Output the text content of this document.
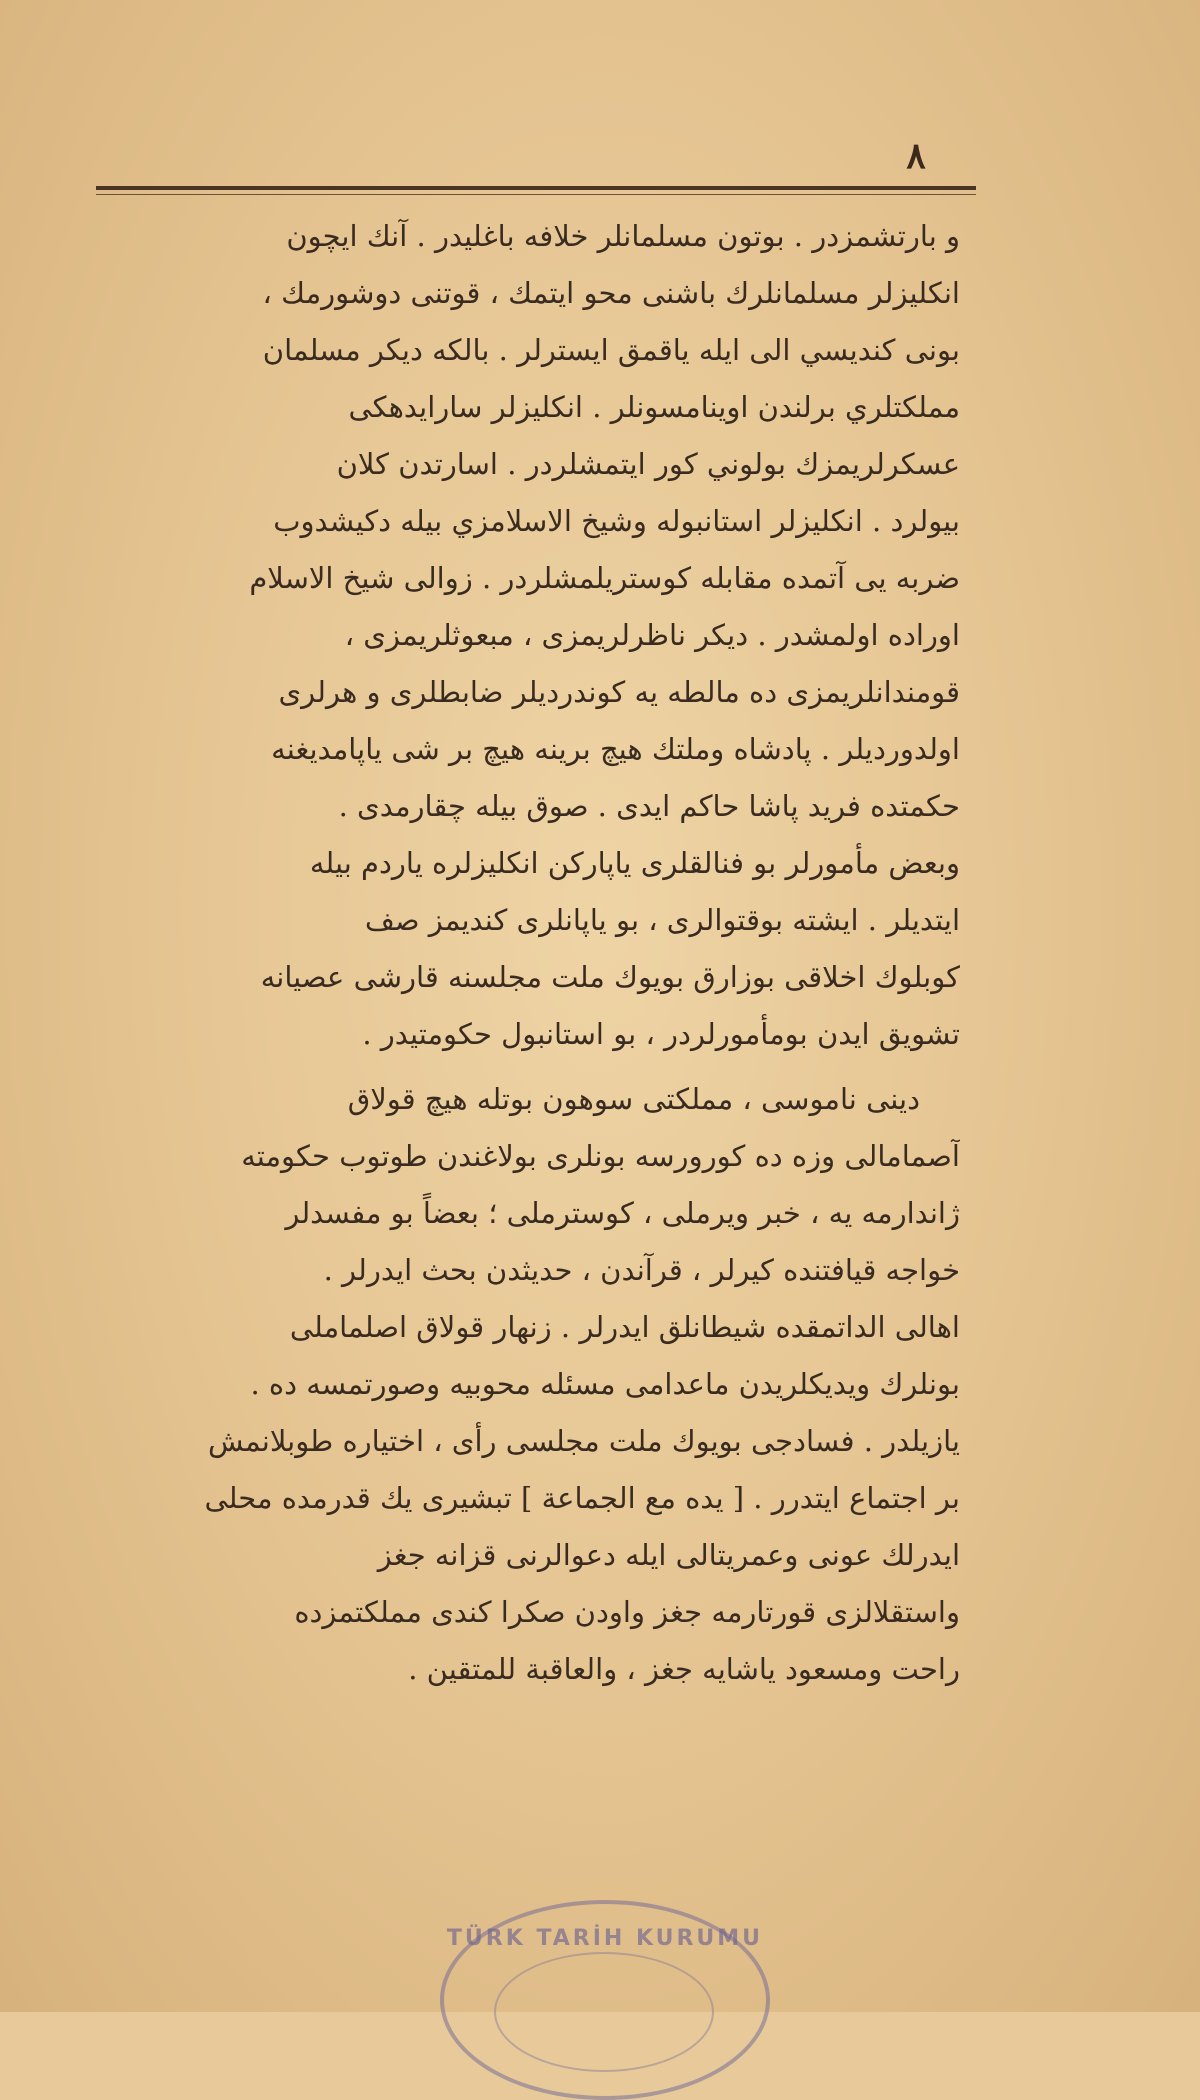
٨
و بارتشمزدر . بوتون مسلمانلر خلافه باغليدر . آنك ايچون
انكلیزلر مسلمانلرك باشنی محو ايتمك ، قوتنی دوشورمك ،
بونی كنديسي الی ايله ياقمق ايسترلر . بالکه ديكر مسلمان
مملکتلري برلندن اوینامسونلر . انکلیزلر سارايدهکی
عسكرلريمزك بولوني كور ايتمشلردر . اسارتدن کلان
بيولرد . انکلیزلر استانبوله وشیخ الاسلامزي بيله دكيشدوب
ضربه یی آتمده مقابله کوستریلمشلردر . زوالی شیخ الاسلام
اوراده اولمشدر . دیکر ناظرلریمزی ، مبعوثلریمزی ،
قومندانلریمزی ده مالطه یه کوندردیلر ضابطلری و هرلری
اولدوردیلر . پادشاه وملتك هيچ برينه هيچ بر شی ياپامديغنه
حکمتده فرید پاشا حاکم ایدی . صوق بیله چقارمدی .
وبعض مأمورلر بو فنالقلری یاپارکن انکلیزلره یاردم بیله
ایتدیلر . ایشته بوقتوالری ، بو یاپانلری کندیمز صف
کوبلوك اخلاقی بوزارق بويوك ملت مجلسنه قارشی عصیانه
تشویق ایدن بومأمورلردر ، بو استانبول حکومتیدر .
دینی ناموسی ، مملکتی سوهون بوتله هيچ قولاق
آصمامالی وزه ده کورورسه بونلری بولاغندن طوتوب حکومته
ژاندارمه یه ، خبر ويرملی ، کوسترملی ؛ بعضاً بو مفسدلر
خواجه قیافتنده کیرلر ، قرآندن ، حدیثدن بحث ایدرلر .
اهالی الداتمقده شیطانلق ایدرلر . زنهار قولاق اصلماملی
بونلرك ويدیکلریدن ماعدامی مسئله محوبیه وصورتمسه ده .
یازیلدر . فسادجی بويوك ملت مجلسی رأی ، اختیاره طوبلانمش
بر اجتماع ایتدرر . [ یده مع الجماعة ] تبشیری یك قدرمده محلی
ایدرلك عونی وعمریتالی ایله دعوالرنی قزانه جغز
واستقلالزی قورتارمه جغز واودن صکرا کندی مملکتمزده
راحت ومسعود یاشایه جغز ، والعاقبة للمتقین .
TÜRK TARİH KURUMU
